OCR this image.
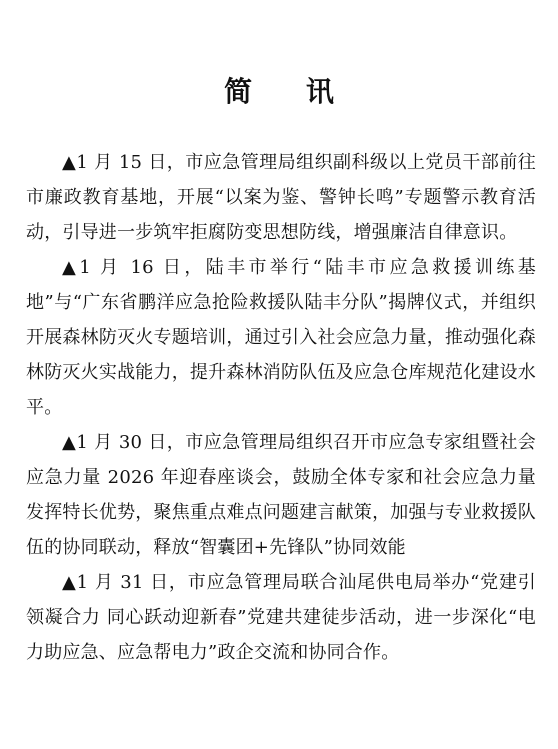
简 讯

▲1 月 15 日，市应急管理局组织副科级以上党员干部前往市廉政教育基地，开展“以案为鉴、警钟长鸣”专题警示教育活动，引导进一步筑牢拒腐防变思想防线，增强廉洁自律意识。

▲1 月 16 日，陆丰市举行“陆丰市应急救援训练基地”与“广东省鹏洋应急抢险救援队陆丰分队”揭牌仪式，并组织开展森林防灭火专题培训，通过引入社会应急力量，推动强化森林防灭火实战能力，提升森林消防队伍及应急仓库规范化建设水平。

▲1 月 30 日，市应急管理局组织召开市应急专家组暨社会应急力量 2026 年迎春座谈会，鼓励全体专家和社会应急力量发挥特长优势，聚焦重点难点问题建言献策，加强与专业救援队伍的协同联动，释放“智囊团+先锋队”协同效能

▲1 月 31 日，市应急管理局联合汕尾供电局举办“党建引领凝合力 同心跃动迎新春”党建共建徒步活动，进一步深化“电力助应急、应急帮电力”政企交流和协同合作。
